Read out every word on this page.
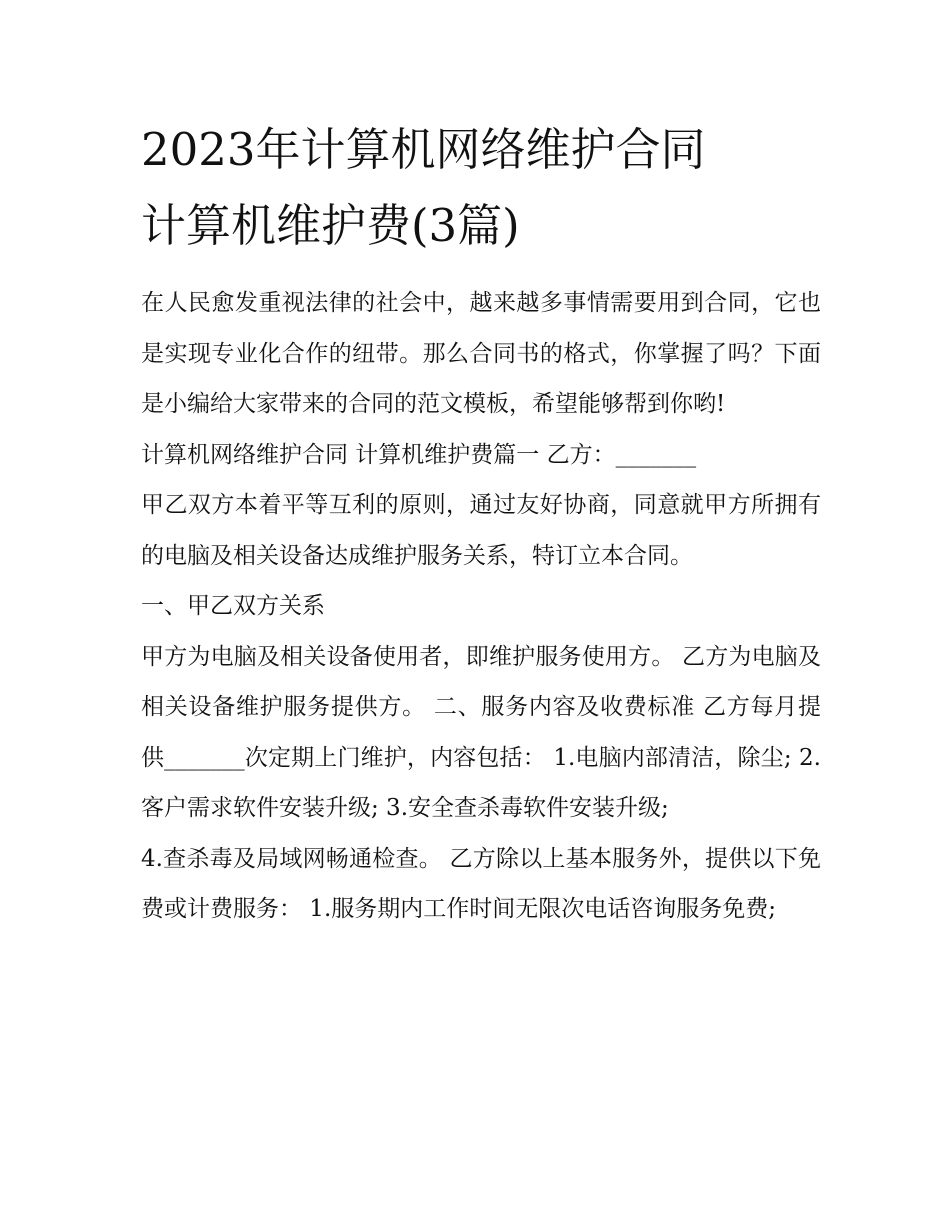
2023年计算机网络维护合同
计算机维护费(3篇)

在人民愈发重视法律的社会中，越来越多事情需要用到合同，它也是实现专业化合作的纽带。那么合同书的格式，你掌握了吗？下面是小编给大家带来的合同的范文模板，希望能够帮到你哟!

计算机网络维护合同 计算机维护费篇一 乙方：_______

甲乙双方本着平等互利的原则，通过友好协商，同意就甲方所拥有的电脑及相关设备达成维护服务关系，特订立本合同。

一、甲乙双方关系

甲方为电脑及相关设备使用者，即维护服务使用方。 乙方为电脑及相关设备维护服务提供方。 二、服务内容及收费标准 乙方每月提供_______次定期上门维护，内容包括： 1.电脑内部清洁，除尘; 2.客户需求软件安装升级; 3.安全查杀毒软件安装升级;

4.查杀毒及局域网畅通检查。 乙方除以上基本服务外，提供以下免费或计费服务： 1.服务期内工作时间无限次电话咨询服务免费;
